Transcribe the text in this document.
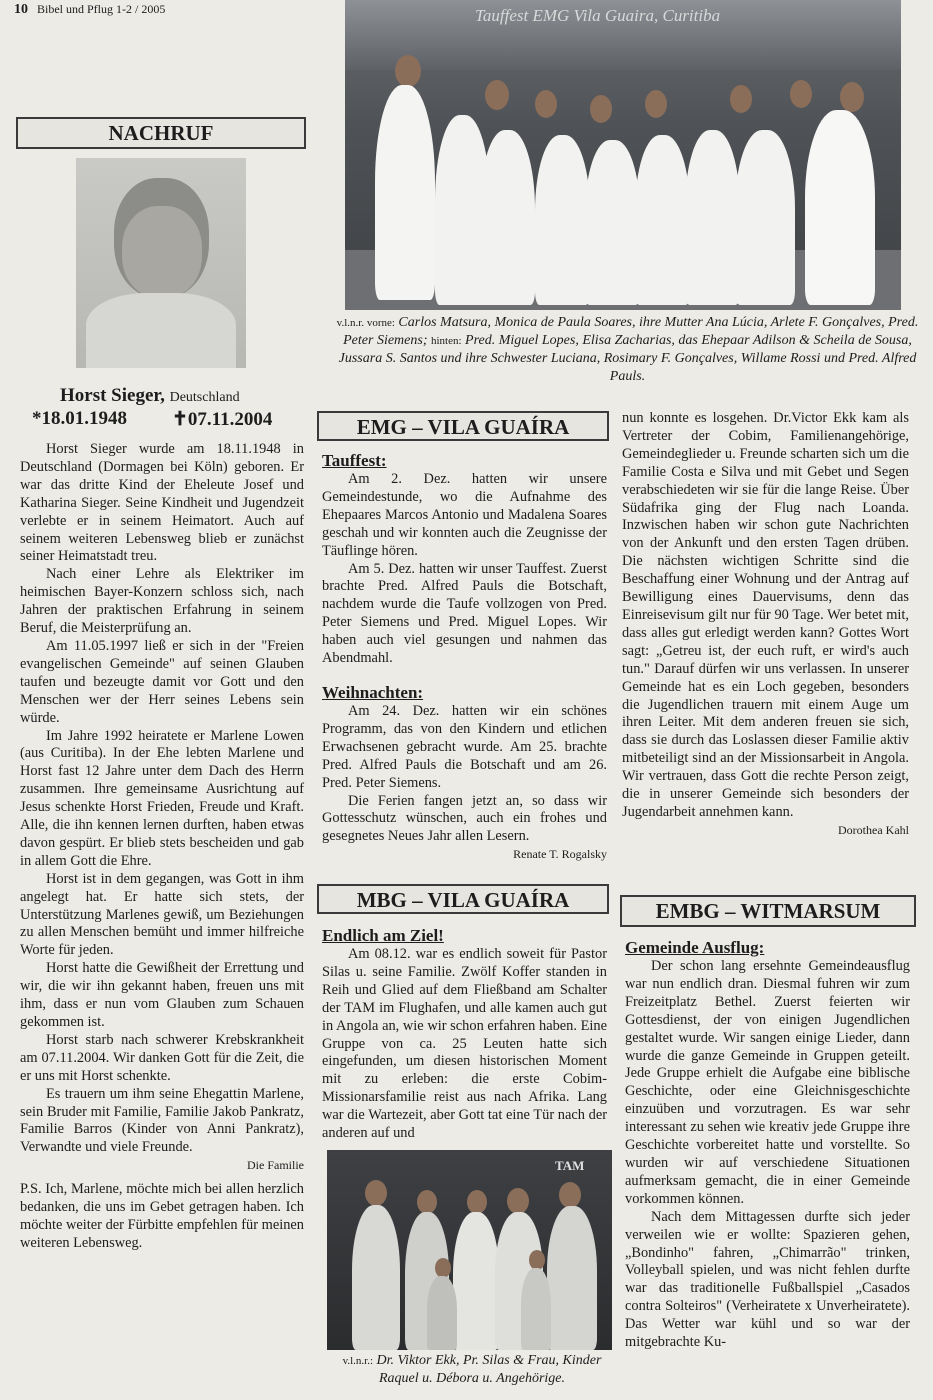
10 Bibel und Pflug 1-2 / 2005	Tauffest EMG Vila Guaira, Curitiba
v.l.n.r. vorne: Carlos Matsura, Monica de Paula Soares, ihre Mutter Ana Lúcia, Arlete F. Gonçalves, Pred. Peter Siemens; hinten: Pred. Miguel Lopes, Elisa Zacharias, das Ehepaar Adilson & Scheila de Sousa, Jussara S. Santos und ihre Schwester Luciana, Rosimary F. Gonçalves, Willame Rossi und Pred. Alfred Pauls.
NACHRUF
Horst Sieger, Deutschland
*18.01.1948 ✝07.11.2004

Horst Sieger wurde am 18.11.1948 in Deutschland (Dormagen bei Köln) geboren. Er war das dritte Kind der Eheleute Josef und Katharina Sieger. Seine Kindheit und Jugendzeit verlebte er in seinem Heimatort. Auch auf seinem weiteren Lebensweg blieb er zunächst seiner Heimatstadt treu.

Nach einer Lehre als Elektriker im heimischen Bayer-Konzern schloss sich, nach Jahren der praktischen Erfahrung in seinem Beruf, die Meisterprüfung an.

Am 11.05.1997 ließ er sich in der "Freien evangelischen Gemeinde" auf seinen Glauben taufen und bezeugte damit vor Gott und den Menschen wer der Herr seines Lebens sein würde.

Im Jahre 1992 heiratete er Marlene Lowen (aus Curitiba). In der Ehe lebten Marlene und Horst fast 12 Jahre unter dem Dach des Herrn zusammen. Ihre gemeinsame Ausrichtung auf Jesus schenkte Horst Frieden, Freude und Kraft. Alle, die ihn kennen lernen durften, haben etwas davon gespürt. Er blieb stets bescheiden und gab in allem Gott die Ehre.

Horst ist in dem gegangen, was Gott in ihm angelegt hat. Er hatte sich stets, der Unterstützung Marlenes gewiß, um Beziehungen zu allen Menschen bemüht und immer hilfreiche Worte für jeden.

Horst hatte die Gewißheit der Errettung und wir, die wir ihn gekannt haben, freuen uns mit ihm, dass er nun vom Glauben zum Schauen gekommen ist.

Horst starb nach schwerer Krebskrankheit am 07.11.2004. Wir danken Gott für die Zeit, die er uns mit Horst schenkte.

Es trauern um ihm seine Ehegattin Marlene, sein Bruder mit Familie, Familie Jakob Pankratz, Familie Barros (Kinder von Anni Pankratz), Verwandte und viele Freunde.

Die Familie

P.S. Ich, Marlene, möchte mich bei allen herzlich bedanken, die uns im Gebet getragen haben. Ich möchte weiter der Fürbitte empfehlen für meinen weiteren Lebensweg.

EMG – VILA GUAÍRA
Tauffest:

Am 2. Dez. hatten wir unsere Gemeindestunde, wo die Aufnahme des Ehepaares Marcos Antonio und Madalena Soares geschah und wir konnten auch die Zeugnisse der Täuflinge hören.

Am 5. Dez. hatten wir unser Tauffest. Zuerst brachte Pred. Alfred Pauls die Botschaft, nachdem wurde die Taufe vollzogen von Pred. Peter Siemens und Pred. Miguel Lopes. Wir haben auch viel gesungen und nahmen das Abendmahl.

Weihnachten:

Am 24. Dez. hatten wir ein schönes Programm, das von den Kindern und etlichen Erwachsenen gebracht wurde. Am 25. brachte Pred. Alfred Pauls die Botschaft und am 26. Pred. Peter Siemens.

Die Ferien fangen jetzt an, so dass wir Gottesschutz wünschen, auch ein frohes und gesegnetes Neues Jahr allen Lesern.

Renate T. Rogalsky

MBG – VILA GUAÍRA
Endlich am Ziel!

Am 08.12. war es endlich soweit für Pastor Silas u. seine Familie. Zwölf Koffer standen in Reih und Glied auf dem Fließband am Schalter der TAM im Flughafen, und alle kamen auch gut in Angola an, wie wir schon erfahren haben. Eine Gruppe von ca. 25 Leuten hatte sich eingefunden, um diesen historischen Moment mit zu erleben: die erste Cobim-Missionarsfamilie reist aus nach Afrika. Lang war die Wartezeit, aber Gott tat eine Tür nach der anderen auf und

TAM
v.l.n.r.: Dr. Viktor Ekk, Pr. Silas & Frau, Kinder Raquel u. Débora u. Angehörige.

nun konnte es losgehen. Dr.Victor Ekk kam als Vertreter der Cobim, Familienangehörige, Gemeindeglieder u. Freunde scharten sich um die Familie Costa e Silva und mit Gebet und Segen verabschiedeten wir sie für die lange Reise. Über Südafrika ging der Flug nach Loanda. Inzwischen haben wir schon gute Nachrichten von der Ankunft und den ersten Tagen drüben. Die nächsten wichtigen Schritte sind die Beschaffung einer Wohnung und der Antrag auf Bewilligung eines Dauervisums, denn das Einreisevisum gilt nur für 90 Tage. Wer betet mit, dass alles gut erledigt werden kann? Gottes Wort sagt: „Getreu ist, der euch ruft, er wird's auch tun." Darauf dürfen wir uns verlassen. In unserer Gemeinde hat es ein Loch gegeben, besonders die Jugendlichen trauern mit einem Auge um ihren Leiter. Mit dem anderen freuen sie sich, dass sie durch das Loslassen dieser Familie aktiv mitbeteiligt sind an der Missionsarbeit in Angola. Wir vertrauen, dass Gott die rechte Person zeigt, die in unserer Gemeinde sich besonders der Jugendarbeit annehmen kann.

Dorothea Kahl

EMBG – WITMARSUM
Gemeinde Ausflug:

Der schon lang ersehnte Gemeindeausflug war nun endlich dran. Diesmal fuhren wir zum Freizeitplatz Bethel. Zuerst feierten wir Gottesdienst, der von einigen Jugendlichen gestaltet wurde. Wir sangen einige Lieder, dann wurde die ganze Gemeinde in Gruppen geteilt. Jede Gruppe erhielt die Aufgabe eine biblische Geschichte, oder eine Gleichnisgeschichte einzuüben und vorzutragen. Es war sehr interessant zu sehen wie kreativ jede Gruppe ihre Geschichte vorbereitet hatte und vorstellte. So wurden wir auf verschiedene Situationen aufmerksam gemacht, die in einer Gemeinde vorkommen können.

Nach dem Mittagessen durfte sich jeder verweilen wie er wollte: Spazieren gehen, „Bondinho" fahren, „Chimarrão" trinken, Volleyball spielen, und was nicht fehlen durfte war das traditionelle Fußballspiel „Casados contra Solteiros" (Verheiratete x Unverheiratete). Das Wetter war kühl und so war der mitgebrachte Ku-
